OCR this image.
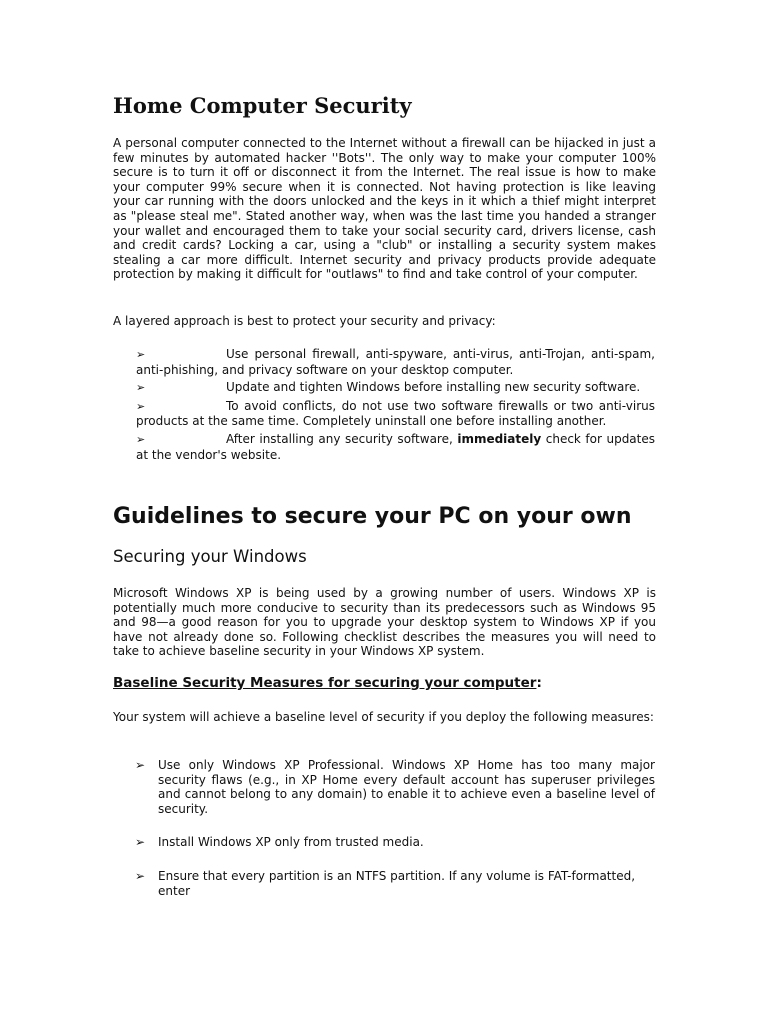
Home Computer Security

A personal computer connected to the Internet without a firewall can be hijacked in just a few minutes by automated hacker ''Bots''. The only way to make your computer 100% secure is to turn it off or disconnect it from the Internet. The real issue is how to make your computer 99% secure when it is connected. Not having protection is like leaving your car running with the doors unlocked and the keys in it which a thief might interpret as "please steal me". Stated another way, when was the last time you handed a stranger your wallet and encouraged them to take your social security card, drivers license, cash and credit cards? Locking a car, using a "club" or installing a security system makes stealing a car more difficult. Internet security and privacy products provide adequate protection by making it difficult for "outlaws" to find and take control of your computer.

A layered approach is best to protect your security and privacy:

➢	Use personal firewall, anti-spyware, anti-virus, anti-Trojan, anti-spam, anti-phishing, and privacy software on your desktop computer.
➢	Update and tighten Windows before installing new security software.
➢	To avoid conflicts, do not use two software firewalls or two anti-virus products at the same time. Completely uninstall one before installing another.
➢	After installing any security software, immediately check for updates at the vendor's website.
Guidelines to secure your PC on your own
Securing your Windows

Microsoft Windows XP is being used by a growing number of users. Windows XP is potentially much more conducive to security than its predecessors such as Windows 95 and 98—a good reason for you to upgrade your desktop system to Windows XP if you have not already done so. Following checklist describes the measures you will need to take to achieve baseline security in your Windows XP system.

Baseline Security Measures for securing your computer:

Your system will achieve a baseline level of security if you deploy the following measures:

➢ Use only Windows XP Professional. Windows XP Home has too many major security flaws (e.g., in XP Home every default account has superuser privileges and cannot belong to any domain) to enable it to achieve even a baseline level of security.
➢ Install Windows XP only from trusted media.
➢ Ensure that every partition is an NTFS partition. If any volume is FAT-formatted, enter
